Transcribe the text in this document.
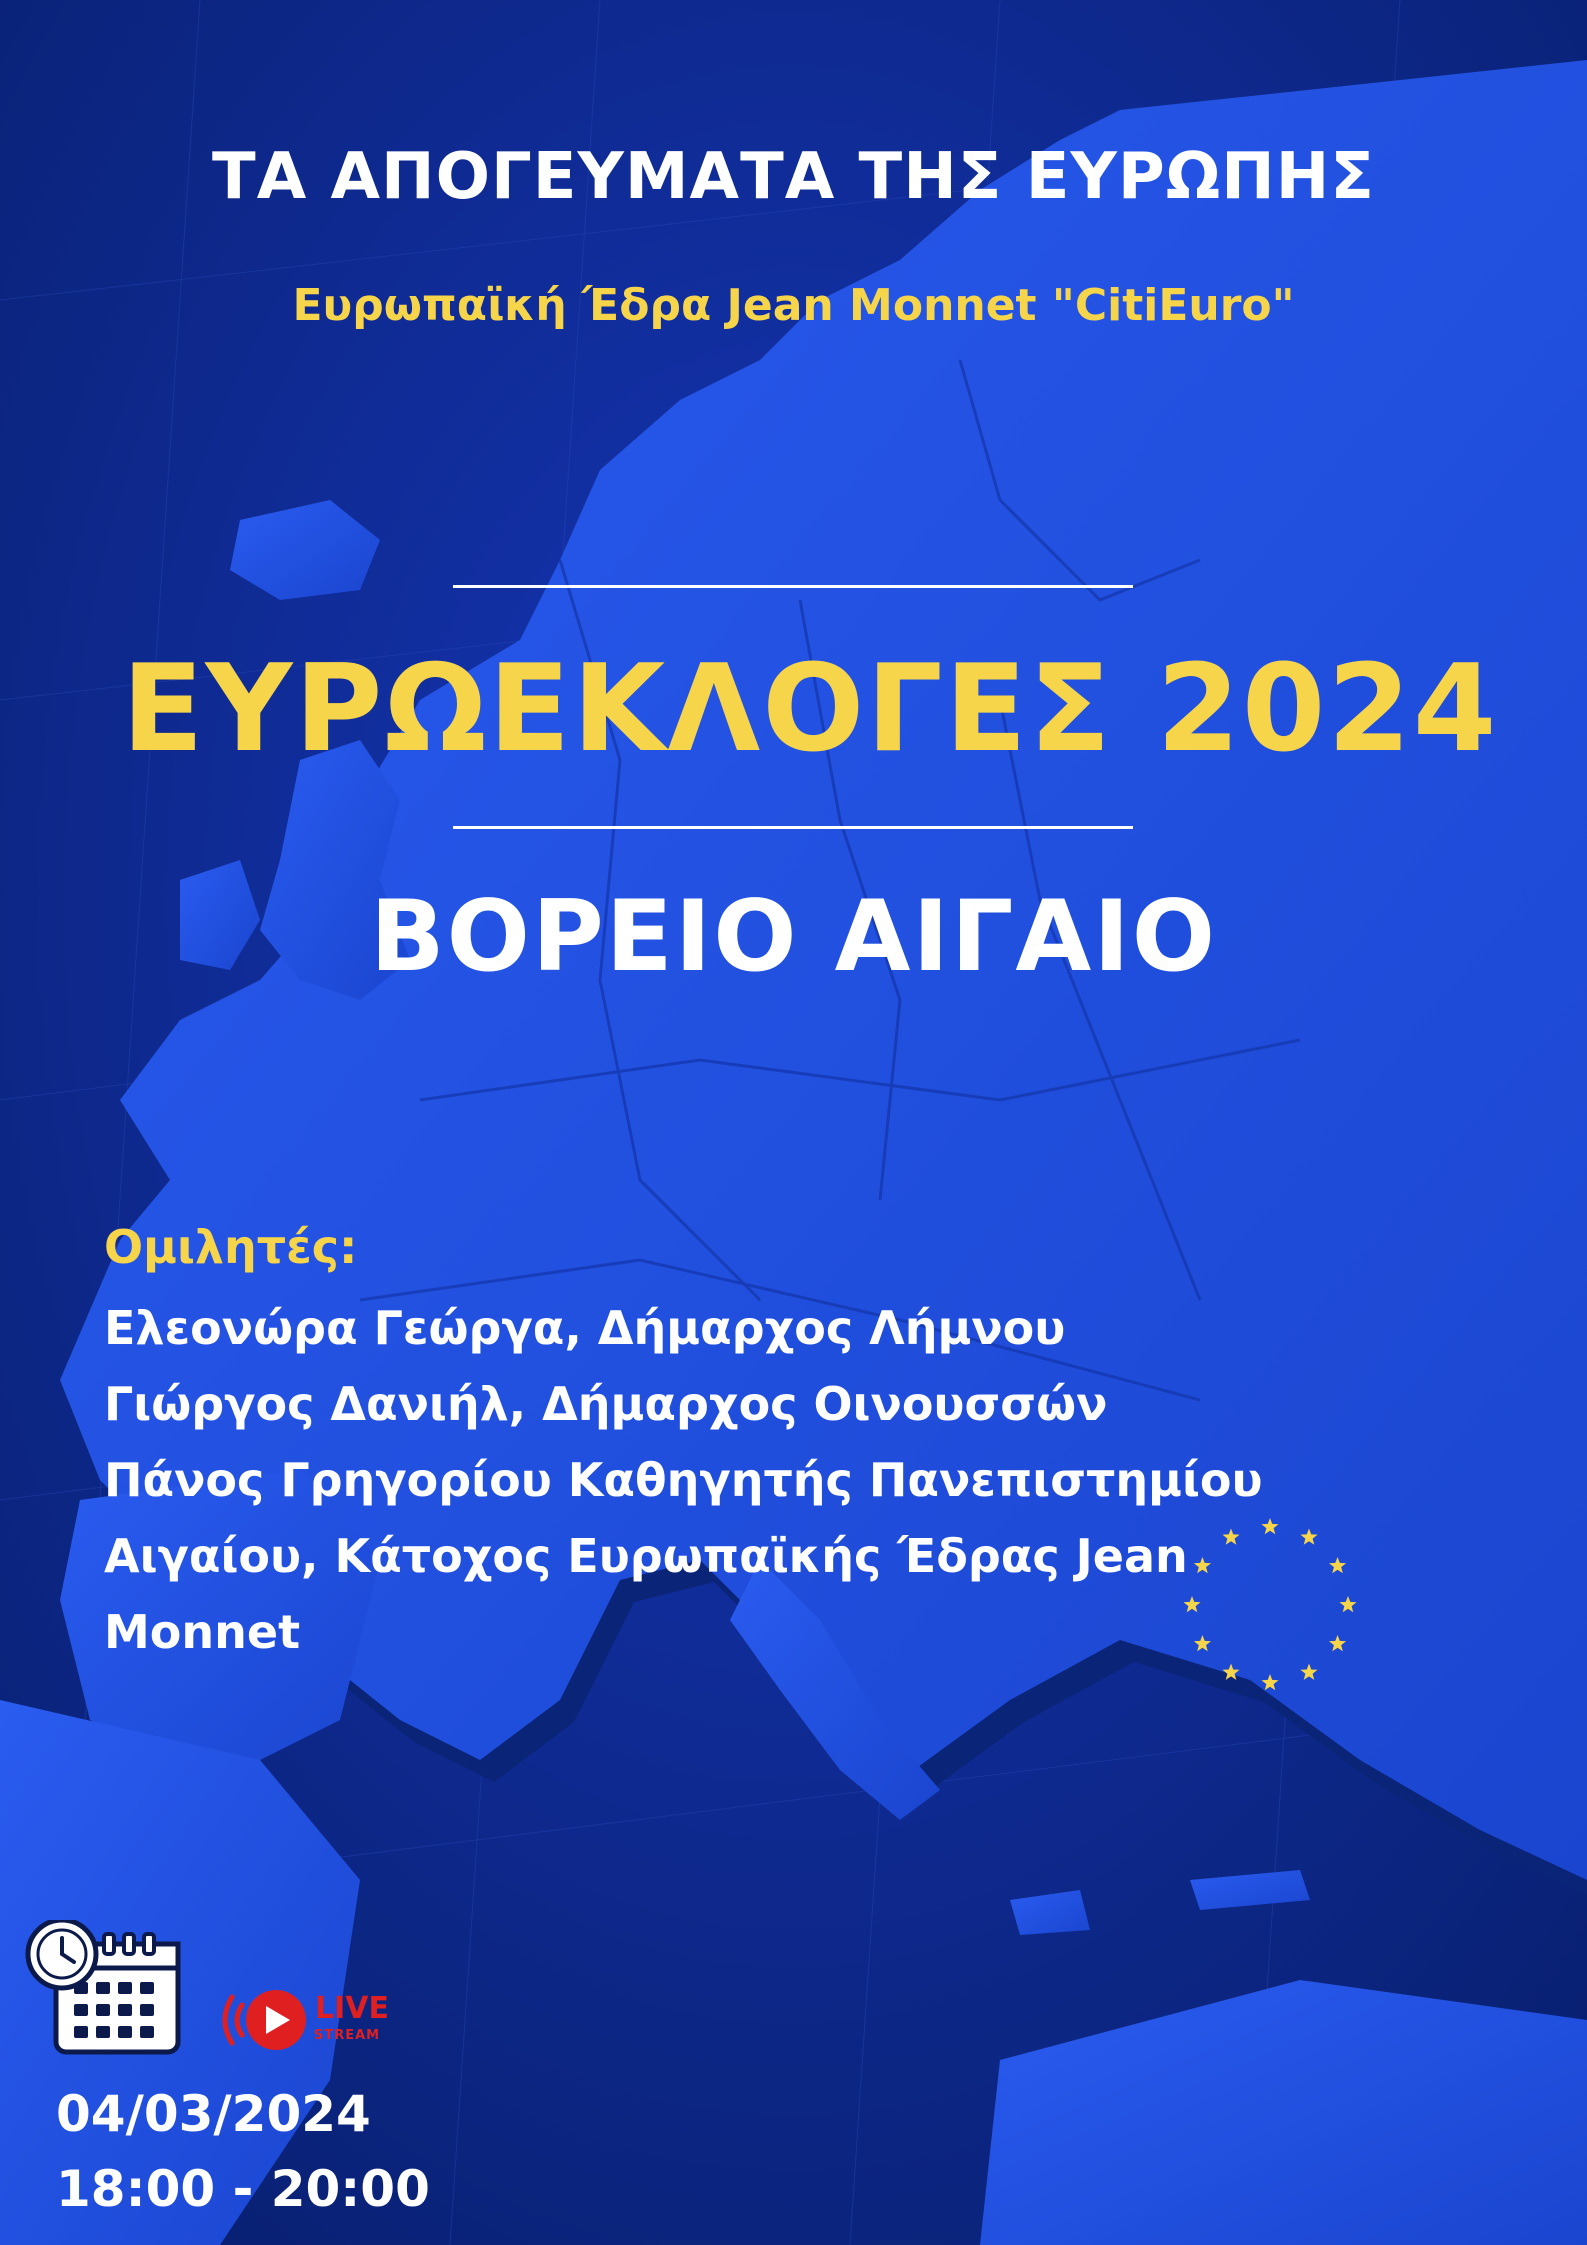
ΤΑ ΑΠΟΓΕΥΜΑΤΑ ΤΗΣ ΕΥΡΩΠΗΣ
Ευρωπαϊκή Έδρα Jean Monnet "CitiEuro"
ΕΥΡΩΕΚΛΟΓΕΣ 2024
ΒΟΡΕΙΟ ΑΙΓΑΙΟ
Ομιλητές:
Ελεονώρα Γεώργα, Δήμαρχος Λήμνου
Γιώργος Δανιήλ, Δήμαρχος Οινουσσών
Πάνος Γρηγορίου Καθηγητής Πανεπιστημίου
Αιγαίου, Κάτοχος Ευρωπαϊκής Έδρας Jean
Monnet
LIVE
STREAM
04/03/2024
18:00 - 20:00
